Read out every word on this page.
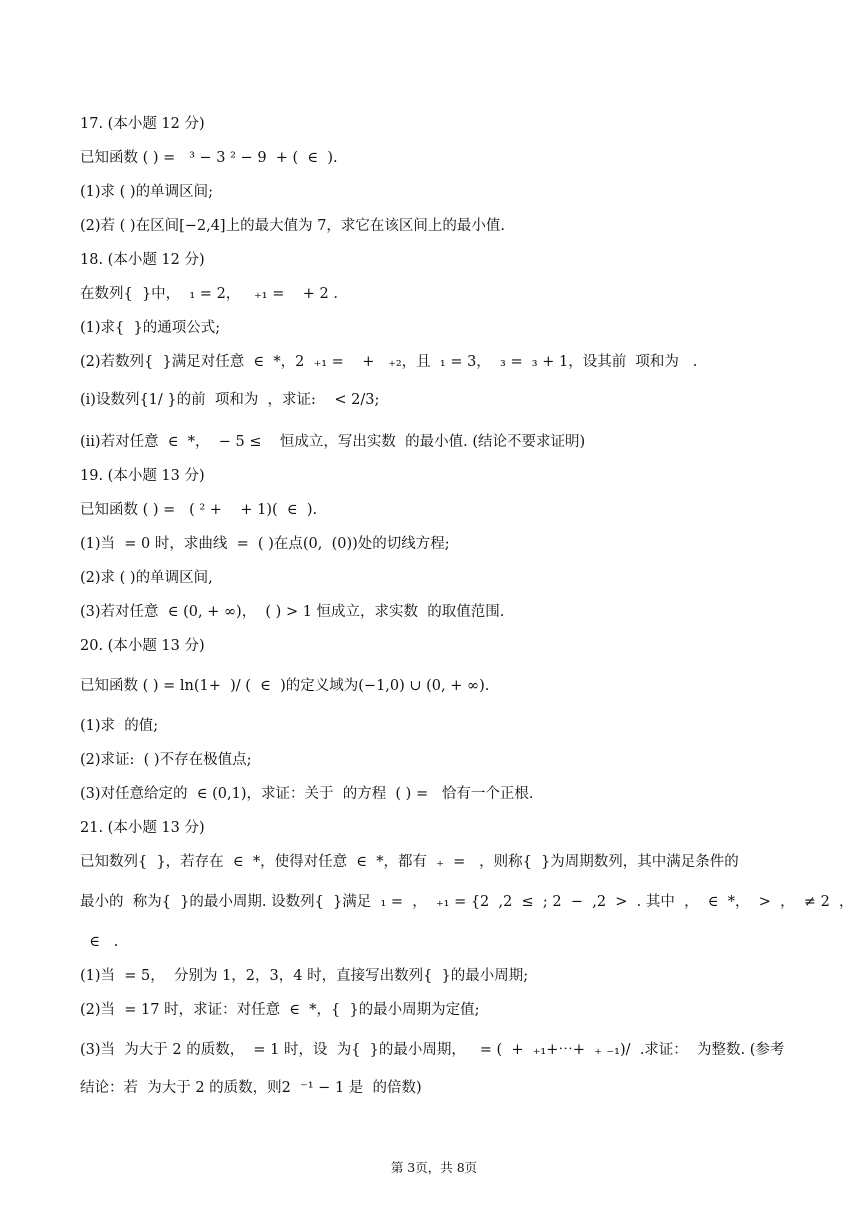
17. (本小题 12 分)
已知函数 ( ) =   ³ − 3 ² − 9  + (  ∈  ).
(1)求 ( )的单调区间;
(2)若 ( )在区间[−2,4]上的最大值为 7，求它在该区间上的最小值.
18. (本小题 12 分)
在数列{  }中，  ₁ = 2，   ₊₁ =    + 2 .
(1)求{  }的通项公式;
(2)若数列{  }满足对任意  ∈  *，2  ₊₁ =    +   ₊₂，且  ₁ = 3，  ₃ =  ₃ + 1，设其前  项和为   .
(i)设数列{1/ }的前  项和为  ，求证:    < 2/3;
(ii)若对任意  ∈  *，  − 5 ≤    恒成立，写出实数  的最小值. (结论不要求证明)
19. (本小题 13 分)
已知函数 ( ) =   ( ² +    + 1)(  ∈  ).
(1)当  = 0 时，求曲线  =  ( )在点(0,  (0))处的切线方程;
(2)求 ( )的单调区间,
(3)若对任意  ∈ (0, + ∞)，  ( ) > 1 恒成立，求实数  的取值范围.
20. (本小题 13 分)
已知函数 ( ) = ln(1+  )/ (  ∈  )的定义域为(−1,0) ∪ (0, + ∞).
(1)求  的值;
(2)求证:  ( )不存在极值点;
(3)对任意给定的  ∈ (0,1)，求证：关于  的方程  ( ) =   恰有一个正根.
21. (本小题 13 分)
已知数列{  }，若存在  ∈  *，使得对任意  ∈  *，都有  ₊  =   ，则称{  }为周期数列，其中满足条件的
最小的  称为{  }的最小周期. 设数列{  }满足  ₁ =  ，  ₊₁ = {2  ,2  ≤  ; 2  −  ,2  >  . 其中  ，  ∈  *，  >  ，  ≠ 2  ，
∈   .
(1)当  = 5，  分别为 1，2，3，4 时，直接写出数列{  }的最小周期;
(2)当  = 17 时，求证：对任意  ∈  *，{  }的最小周期为定值;
(3)当  为大于 2 的质数，  = 1 时，设  为{  }的最小周期，   = (  +  ₊₁+⋯+  ₊ ₋₁)/  .求证：  为整数. (参考
结论：若  为大于 2 的质数，则2  ⁻¹ − 1 是  的倍数)
第 3页，共 8页
